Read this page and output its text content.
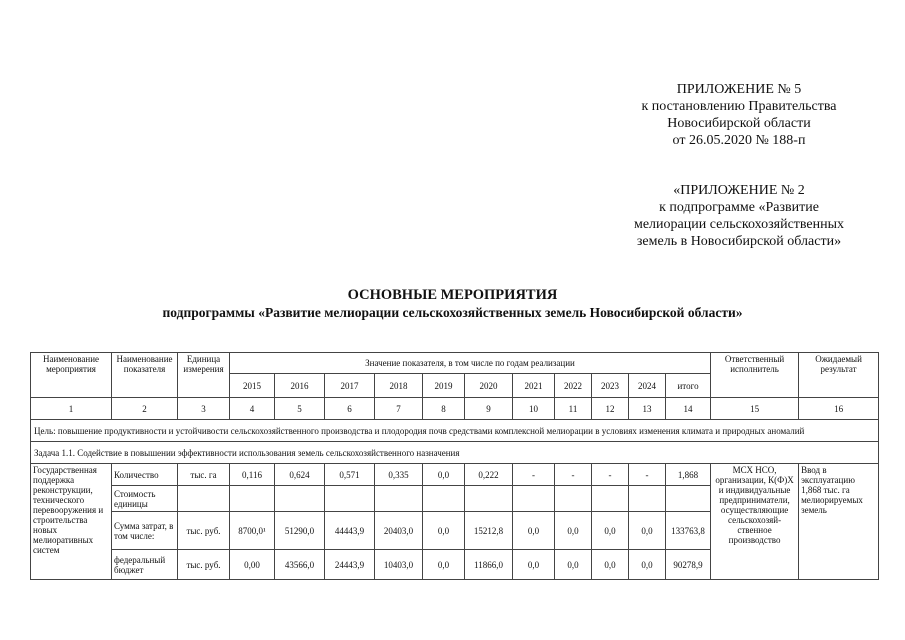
ПРИЛОЖЕНИЕ № 5
к постановлению Правительства
Новосибирской области
от 26.05.2020 № 188-п
«ПРИЛОЖЕНИЕ № 2
к подпрограмме «Развитие
мелиорации сельскохозяйственных
земель в Новосибирской области»
ОСНОВНЫЕ МЕРОПРИЯТИЯ
подпрограммы «Развитие мелиорации сельскохозяйственных земель Новосибирской области»
Наименование мероприятия	Наименование показателя	Единица измерения	Значение показателя, в том числе по годам реализации											Ответственный исполнитель	Ожидаемый результат
			2015	2016	2017	2018	2019	2020	2021	2022	2023	2024	итого		
1	2	3	4	5	6	7	8	9	10	11	12	13	14	15	16
Цель: повышение продуктивности и устойчивости сельскохозяйственного производства и плодородия почв средствами комплексной мелиорации в условиях изменения климата и природных аномалий															
Задача 1.1. Содействие в повышении эффективности использования земель сельскохозяйственного назначения															
Государственная поддержка реконструкции, технического перевооружения и строительства новых мелиоративных систем	Количество	тыс. га	0,116	0,624	0,571	0,335	0,0	0,222	-	-	-	-	1,868	МСХ НСО, организации, К(Ф)Х и индивидуальные предприниматели, осуществляющие сельскохозяй-ственное производство	Ввод в эксплуатацию 1,868 тыс. га мелиорируемых земель
	Стоимость единицы														
	Сумма затрат, в том числе:	тыс. руб.	8700,0¹	51290,0	44443,9	20403,0	0,0	15212,8	0,0	0,0	0,0	0,0	133763,8		
	федеральный бюджет	тыс. руб.	0,00	43566,0	24443,9	10403,0	0,0	11866,0	0,0	0,0	0,0	0,0	90278,9		
